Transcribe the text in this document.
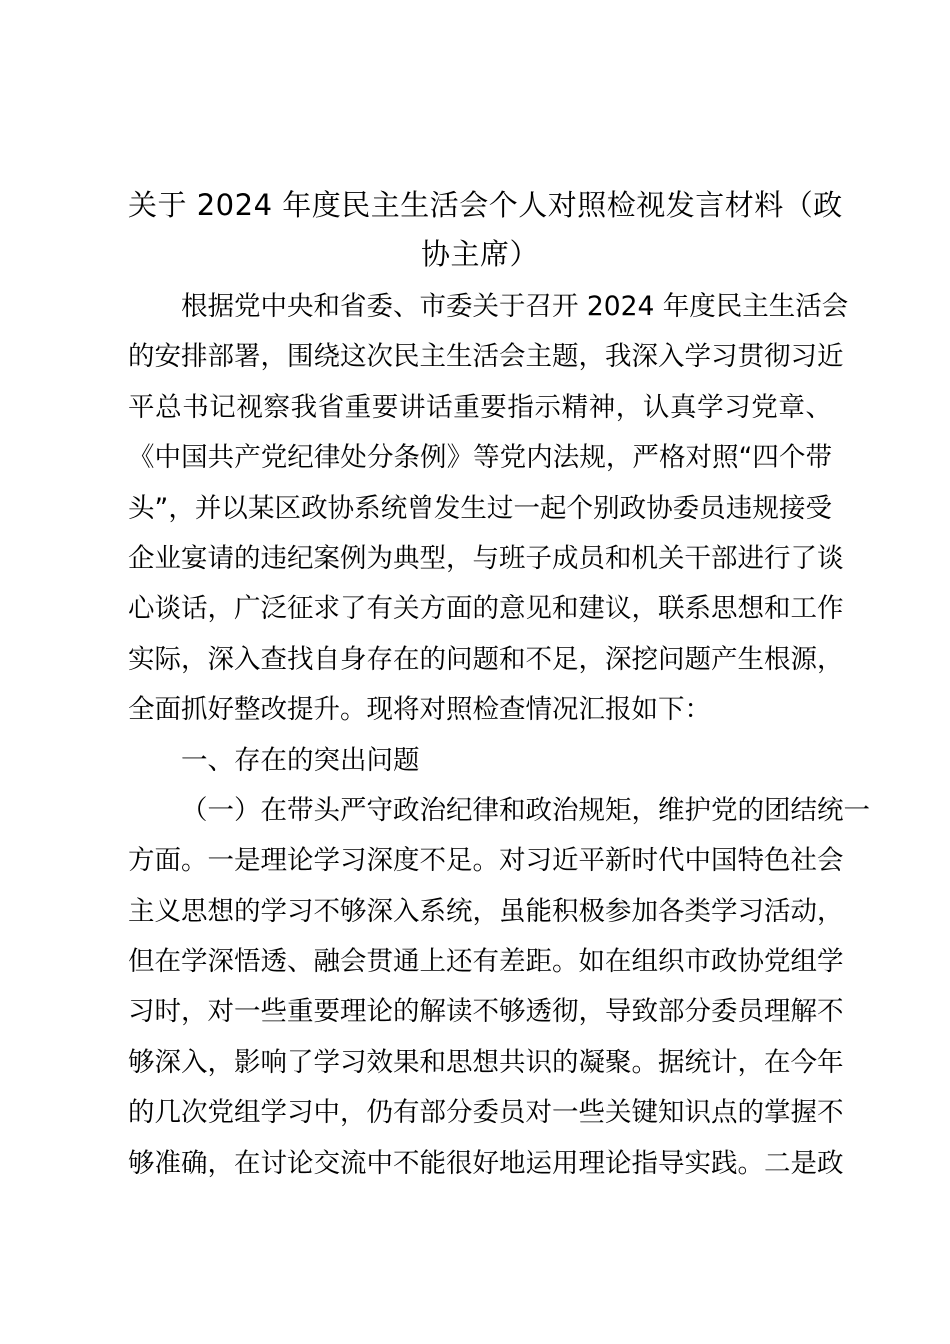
关于 2024 年度民主生活会个人对照检视发言材料（政
协主席）
根据党中央和省委、市委关于召开 2024 年度民主生活会
的安排部署，围绕这次民主生活会主题，我深入学习贯彻习近
平总书记视察我省重要讲话重要指示精神，认真学习党章、
《中国共产党纪律处分条例》等党内法规，严格对照“四个带
头”，并以某区政协系统曾发生过一起个别政协委员违规接受
企业宴请的违纪案例为典型，与班子成员和机关干部进行了谈
心谈话，广泛征求了有关方面的意见和建议，联系思想和工作
实际，深入查找自身存在的问题和不足，深挖问题产生根源，
全面抓好整改提升。现将对照检查情况汇报如下：
一、存在的突出问题
（一）在带头严守政治纪律和政治规矩，维护党的团结统一
方面。一是理论学习深度不足。对习近平新时代中国特色社会
主义思想的学习不够深入系统，虽能积极参加各类学习活动，
但在学深悟透、融会贯通上还有差距。如在组织市政协党组学
习时，对一些重要理论的解读不够透彻，导致部分委员理解不
够深入，影响了学习效果和思想共识的凝聚。据统计，在今年
的几次党组学习中，仍有部分委员对一些关键知识点的掌握不
够准确，在讨论交流中不能很好地运用理论指导实践。二是政
